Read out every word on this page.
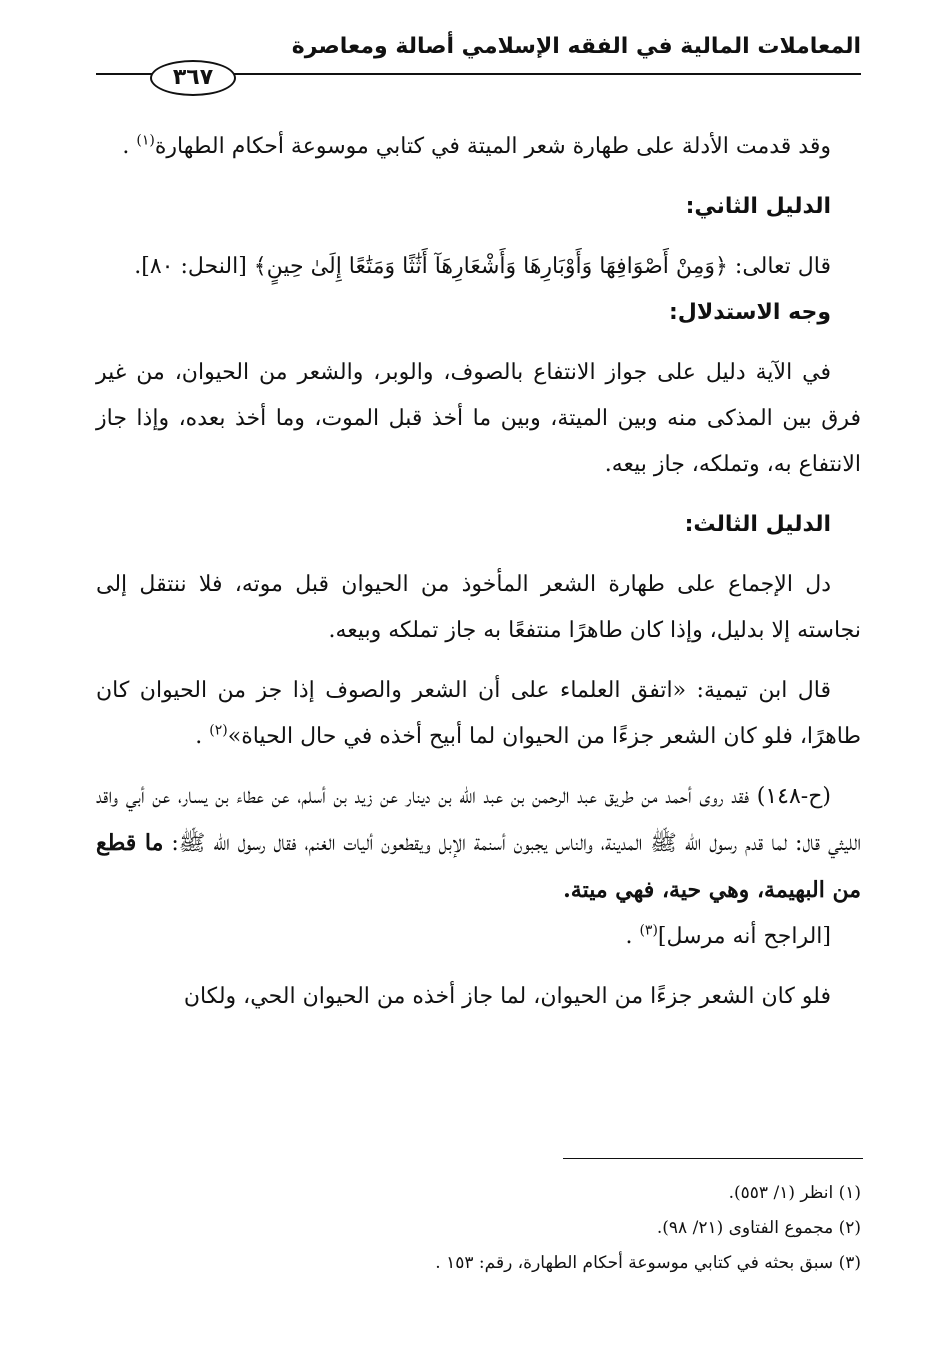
المعاملات المالية في الفقه الإسلامي أصالة ومعاصرة
٣٦٧

وقد قدمت الأدلة على طهارة شعر الميتة في كتابي موسوعة أحكام الطهارة$^{(١)}$ .

الدليل الثاني:

قال تعالى: ﴿وَمِنْ أَصْوَافِهَا وَأَوْبَارِهَا وَأَشْعَارِهَآ أَثَٰثًا وَمَتَٰعًا إِلَىٰ حِينٍ﴾ [النحل: ٨٠].

وجه الاستدلال:

في الآية دليل على جواز الانتفاع بالصوف، والوبر، والشعر من الحيوان، من غير فرق بين المذكى منه وبين الميتة، وبين ما أخذ قبل الموت، وما أخذ بعده، وإذا جاز الانتفاع به، وتملكه، جاز بيعه.

الدليل الثالث:

دل الإجماع على طهارة الشعر المأخوذ من الحيوان قبل موته، فلا ننتقل إلى نجاسته إلا بدليل، وإذا كان طاهرًا منتفعًا به جاز تملكه وبيعه.

قال ابن تيمية: «اتفق العلماء على أن الشعر والصوف إذا جز من الحيوان كان طاهرًا، فلو كان الشعر جزءًا من الحيوان لما أبيح أخذه في حال الحياة»$^{(٢)}$ .

(ح-١٤٨) فقد روى أحمد من طريق عبد الرحمن بن عبد الله بن دينار عن زيد بن أسلم، عن عطاء بن يسار، عن أبي واقد الليثي قال: لما قدم رسول الله ﷺ المدينة، والناس يجبون أسنمة الإبل ويقطعون أليات الغنم، فقال رسول الله ﷺ: ما قطع من البهيمة، وهي حية، فهي ميتة.

[الراجح أنه مرسل]$^{(٣)}$ .

فلو كان الشعر جزءًا من الحيوان، لما جاز أخذه من الحيوان الحي، ولكان

(١) انظر (١/ ٥٥٣).
(٢) مجموع الفتاوى (٢١/ ٩٨).
(٣) سبق بحثه في كتابي موسوعة أحكام الطهارة، رقم: ١٥٣ .
